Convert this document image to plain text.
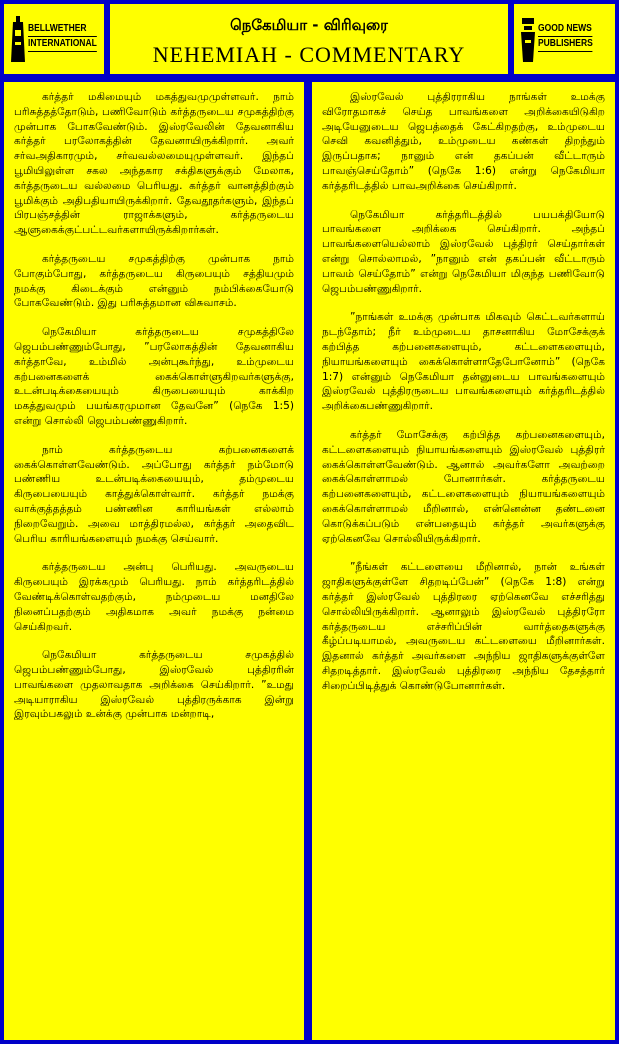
BELLWETHER
INTERNATIONAL
நெகேமியா - விரிவுரை
NEHEMIAH - COMMENTARY
GOOD NEWS
PUBLISHERS

கர்த்தர் மகிமையும் மகத்துவமுமுள்ளவர். நாம் பரிசுத்தத்தோடும், பணிவோடும் கர்த்தருடைய சமுகத்திற்கு முன்பாக போகவேண்டும். இஸ்ரவேலின் தேவனாகிய கர்த்தர் பரலோகத்தின் தேவனாயிருக்கிறார். அவர் சர்வஅதிகாரமும், சர்வவல்லமையுமுள்ளவர். இந்தப் பூமியிலுள்ள சகல அந்தகார சக்திகளுக்கும் மேலாக, கர்த்தருடைய வல்லமை பெரியது. கர்த்தர் வானத்திற்கும் பூமிக்கும் அதிபதியாயிருக்கிறார். தேவதூதர்களும், இந்தப் பிரபஞ்சத்தின் ராஜாக்களும், கர்த்தருடைய ஆளுகைக்குட்பட்டவர்களாயிருக்கிறார்கள்.

கர்த்தருடைய சமுகத்திற்கு முன்பாக நாம் போகும்போது, கர்த்தருடைய கிருபையும் சத்தியமும் நமக்கு கிடைக்கும் என்னும் நம்பிக்கையோடு போகவேண்டும். இது பரிசுத்தமான விசுவாசம்.

நெகேமியா கர்த்தருடைய சமுகத்திலே ஜெபம்பண்ணும்போது, ”பரலோகத்தின் தேவனாகிய கர்த்தாவே, உம்மில் அன்புகூர்ந்து, உம்முடைய கற்பனைகளைக் கைக்கொள்ளுகிறவர்களுக்கு, உடன்படிக்கையையும் கிருபையையும் காக்கிற மகத்துவமும் பயங்கரமுமான தேவனே” (நெகே 1:5) என்று சொல்லி ஜெபம்பண்ணுகிறார்.

நாம் கர்த்தருடைய கற்பனைகளைக் கைக்கொள்ளவேண்டும். அப்போது கர்த்தர் நம்மோடு பண்ணிய உடன்படிக்கையையும், தம்முடைய கிருபையையும் காத்துக்கொள்வார். கர்த்தர் நமக்கு வாக்குத்தத்தம் பண்ணின காரியங்கள் எல்லாம் நிறைவேறும். அவை மாத்திரமல்ல, கர்த்தர் அதைவிட பெரிய காரியங்களையும் நமக்கு செய்வார்.

கர்த்தருடைய அன்பு பெரியது. அவருடைய கிருபையும் இரக்கமும் பெரியது. நாம் கர்த்தரிடத்தில் வேண்டிக்கொள்வதற்கும், நம்முடைய மனதிலே நினைப்பதற்கும் அதிகமாக அவர் நமக்கு நன்மை செய்கிறவர்.

நெகேமியா கர்த்தருடைய சமுகத்தில் ஜெபம்பண்ணும்போது, இஸ்ரவேல் புத்திரரின் பாவங்களை முதலாவதாக அறிக்கை செய்கிறார். ”உமது அடியாராகிய இஸ்ரவேல் புத்திரருக்காக இன்று இரவும்பகலும் உன்க்கு முன்பாக மன்றாடி,

இஸ்ரவேல் புத்திரராகிய நாங்கள் உமக்கு விரோதமாகச் செய்த பாவங்களை அறிக்கையிடுகிற அடியேனுடைய ஜெபத்தைக் கேட்கிறதற்கு, உம்முடைய செவி கவனித்தும், உம்முடைய கண்கள் திறந்தும் இருப்பதாக; நானும் என் தகப்பன் வீட்டாரும் பாவஞ்செய்தோம்” (நெகே 1:6) என்று நெகேமியா கர்த்தரிடத்தில் பாவஅறிக்கை செய்கிறார்.

நெகேமியா கர்த்தரிடத்தில் பயபக்தியோடு பாவங்களை அறிக்கை செய்கிறார். அந்தப் பாவங்களையெல்லாம் இஸ்ரவேல் புத்திரர் செய்தார்கள் என்று சொல்லாமல், ”நானும் என் தகப்பன் வீட்டாரும் பாவம் செய்தோம்” என்று நெகேமியா மிகுந்த பணிவோடு ஜெபம்பண்ணுகிறார்.

”நாங்கள் உமக்கு முன்பாக மிகவும் கெட்டவர்களாய் நடந்தோம்; நீர் உம்முடைய தாசனாகிய மோசேக்குக் கற்பித்த கற்பனைகளையும், கட்டளைகளையும், நியாயங்களையும் கைக்கொள்ளாதேபோனோம்” (நெகே 1:7) என்னும் நெகேமியா தன்னுடைய பாவங்களையும் இஸ்ரவேல் புத்திரருடைய பாவங்களையும் கர்த்தரிடத்தில் அறிக்கைபண்ணுகிறார்.

கர்த்தர் மோசேக்கு கற்பித்த கற்பனைகளையும், கட்டளைகளையும் நியாயங்களையும் இஸ்ரவேல் புத்திரர் கைக்கொள்ளவேண்டும். ஆனால் அவர்களோ அவற்றை கைக்கொள்ளாமல் போனார்கள். கர்த்தருடைய கற்பனைகளையும், கட்டளைகளையும் நியாயங்களையும் கைக்கொள்ளாமல் மீறினால், என்னென்ன தண்டனை கொடுக்கப்படும் என்பதையும் கர்த்தர் அவர்களுக்கு ஏற்கெனவே சொல்லியிருக்கிறார்.

”நீங்கள் கட்டளையை மீறினால், நான் உங்கள் ஜாதிகளுக்குள்ளே சிதறடிப்பேன்” (நெகே 1:8) என்று கர்த்தர் இஸ்ரவேல் புத்திரரை ஏற்கெனவே எச்சரித்து சொல்லியிருக்கிறார். ஆனாலும் இஸ்ரவேல் புத்திரரோ கர்த்தருடைய எச்சரிப்பின் வார்த்தைகளுக்கு கீழ்ப்படியாமல், அவருடைய கட்டளையை மீறினார்கள். இதனால் கர்த்தர் அவர்களை அந்நிய ஜாதிகளுக்குள்ளே சிதறடித்தார். இஸ்ரவேல் புத்திரரை அந்நிய தேசத்தார் சிறைப்பிடித்துக் கொண்டுபோனார்கள்.
